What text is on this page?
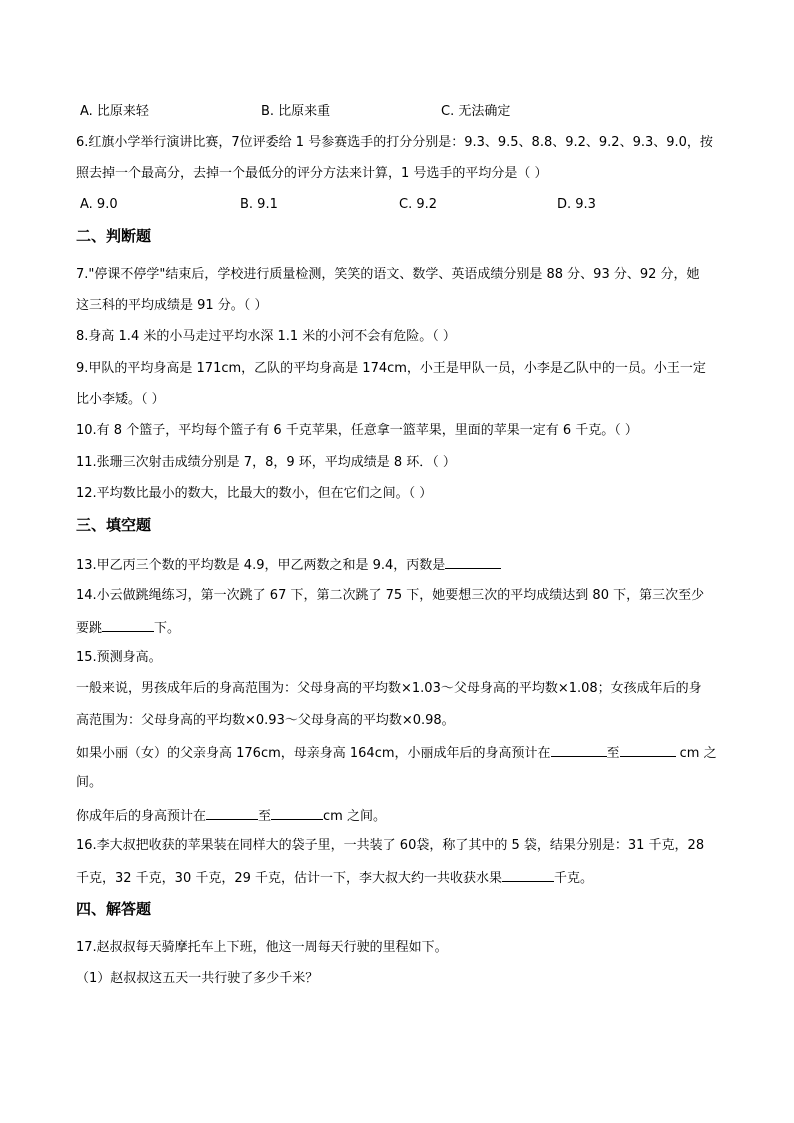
A. 比原来轻	B. 比原来重	C. 无法确定
6.红旗小学举行演讲比赛，7位评委给 1 号参赛选手的打分分别是：9.3、9.5、8.8、9.2、9.2、9.3、9.0，按
照去掉一个最高分，去掉一个最低分的评分方法来计算，1 号选手的平均分是（ ）
A. 9.0	B. 9.1	C. 9.2	D. 9.3
二、判断题
7."停课不停学"结束后，学校进行质量检测，笑笑的语文、数学、英语成绩分别是 88 分、93 分、92 分，她
这三科的平均成绩是 91 分。（ ）
8.身高 1.4 米的小马走过平均水深 1.1 米的小河不会有危险。（ ）
9.甲队的平均身高是 171cm，乙队的平均身高是 174cm，小王是甲队一员，小李是乙队中的一员。小王一定
比小李矮。（ ）
10.有 8 个篮子，平均每个篮子有 6 千克苹果，任意拿一篮苹果，里面的苹果一定有 6 千克。（ ）
11.张珊三次射击成绩分别是 7，8，9 环，平均成绩是 8 环．（ ）
12.平均数比最小的数大，比最大的数小，但在它们之间。（ ）
三、填空题
13.甲乙丙三个数的平均数是 4.9，甲乙两数之和是 9.4，丙数是
14.小云做跳绳练习，第一次跳了 67 下，第二次跳了 75 下，她要想三次的平均成绩达到 80 下，第三次至少
要跳	下。
15.预测身高。
一般来说，男孩成年后的身高范围为：父母身高的平均数×1.03～父母身高的平均数×1.08；女孩成年后的身
高范围为：父母身高的平均数×0.93～父母身高的平均数×0.98。
如果小丽（女）的父亲身高 176cm，母亲身高 164cm，小丽成年后的身高预计在	至	cm 之
间。
你成年后的身高预计在	至	cm 之间。
16.李大叔把收获的苹果装在同样大的袋子里，一共装了 60袋，称了其中的 5 袋，结果分别是：31 千克，28
千克，32 千克，30 千克，29 千克，估计一下，李大叔大约一共收获水果	千克。
四、解答题
17.赵叔叔每天骑摩托车上下班，他这一周每天行驶的里程如下。
（1）赵叔叔这五天一共行驶了多少千米？
